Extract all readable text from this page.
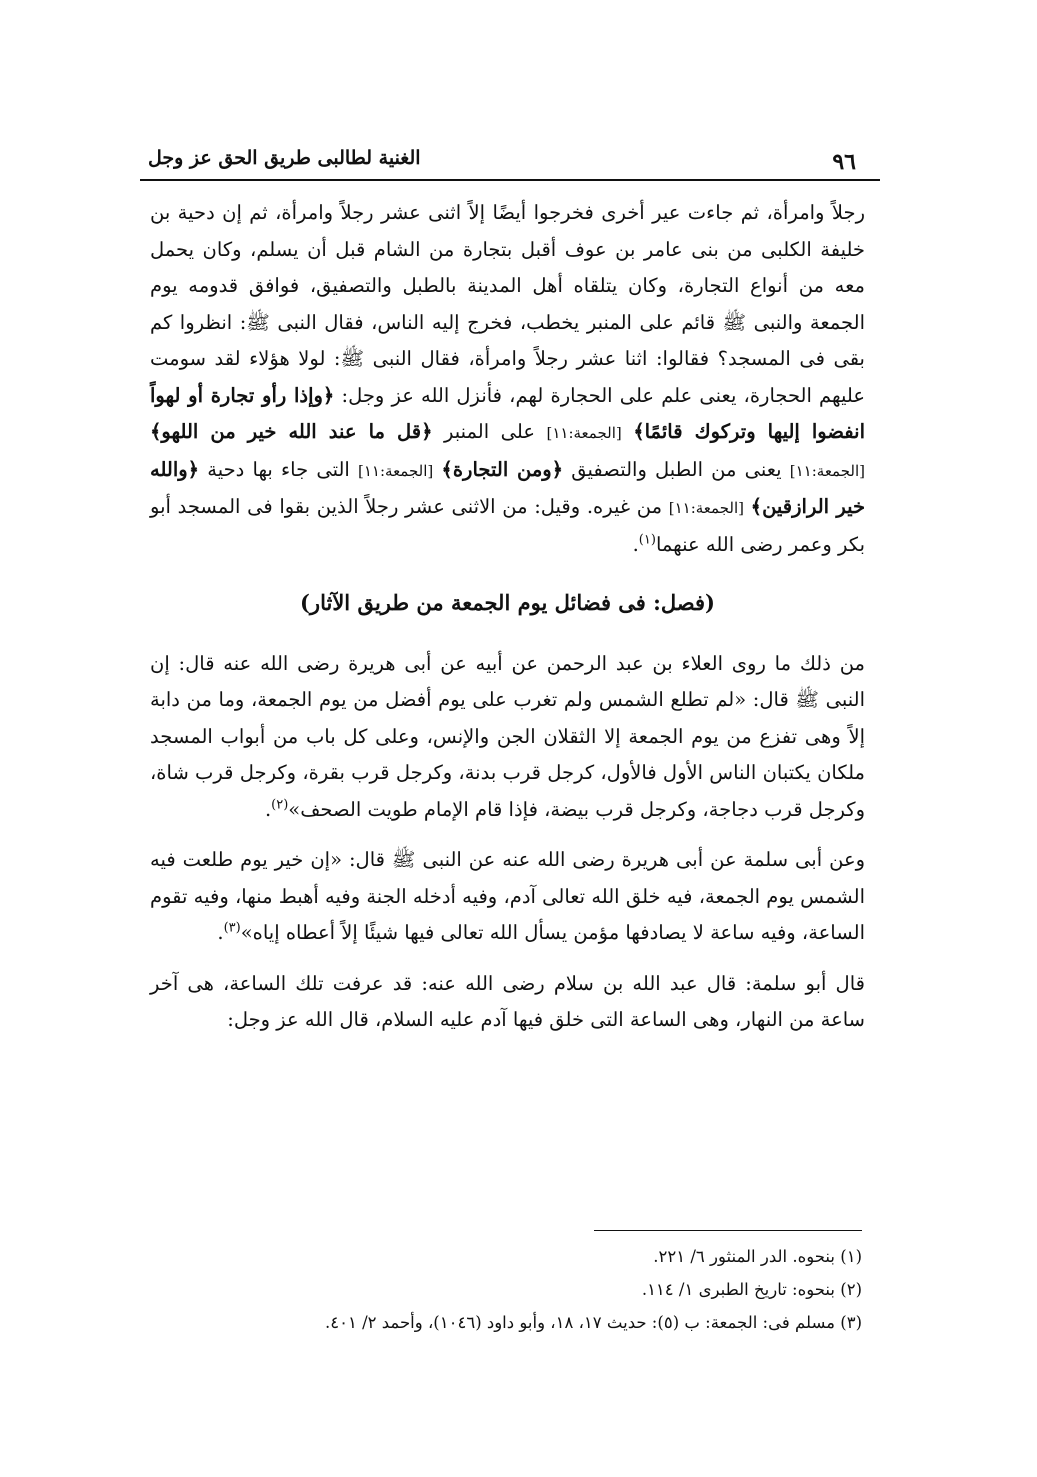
٩٦
الغنية لطالبى طريق الحق عز وجل

رجلاً وامرأة، ثم جاءت عير أخرى فخرجوا أيضًا إلاً اثنى عشر رجلاً وامرأة، ثم إن دحية بن خليفة الكلبى من بنى عامر بن عوف أقبل بتجارة من الشام قبل أن يسلم، وكان يحمل معه من أنواع التجارة، وكان يتلقاه أهل المدينة بالطبل والتصفيق، فوافق قدومه يوم الجمعة والنبى ﷺ قائم على المنبر يخطب، فخرج إليه الناس، فقال النبى ﷺ: انظروا كم بقى فى المسجد؟ فقالوا: اثنا عشر رجلاً وامرأة، فقال النبى ﷺ: لولا هؤلاء لقد سومت عليهم الحجارة، يعنى علم على الحجارة لهم، فأنزل الله عز وجل: ﴿وإذا رأو تجارة أو لهواً انفضوا إليها وتركوك قائمًا﴾ [الجمعة:١١] على المنبر ﴿قل ما عند الله خير من اللهو﴾ [الجمعة:١١] يعنى من الطبل والتصفيق ﴿ومن التجارة﴾ [الجمعة:١١] التى جاء بها دحية ﴿والله خير الرازقين﴾ [الجمعة:١١] من غيره. وقيل: من الاثنى عشر رجلاً الذين بقوا فى المسجد أبو بكر وعمر رضى الله عنهما$^{(١)}$.

(فصل: فى فضائل يوم الجمعة من طريق الآثار)

من ذلك ما روى العلاء بن عبد الرحمن عن أبيه عن أبى هريرة رضى الله عنه قال: إن النبى ﷺ قال: «لم تطلع الشمس ولم تغرب على يوم أفضل من يوم الجمعة، وما من دابة إلاً وهى تفزع من يوم الجمعة إلا الثقلان الجن والإنس، وعلى كل باب من أبواب المسجد ملكان يكتبان الناس الأول فالأول، كرجل قرب بدنة، وكرجل قرب بقرة، وكرجل قرب شاة، وكرجل قرب دجاجة، وكرجل قرب بيضة، فإذا قام الإمام طويت الصحف»$^{(٢)}$.

وعن أبى سلمة عن أبى هريرة رضى الله عنه عن النبى ﷺ قال: «إن خير يوم طلعت فيه الشمس يوم الجمعة، فيه خلق الله تعالى آدم، وفيه أدخله الجنة وفيه أهبط منها، وفيه تقوم الساعة، وفيه ساعة لا يصادفها مؤمن يسأل الله تعالى فيها شيئًا إلاً أعطاه إياه»$^{(٣)}$.

قال أبو سلمة: قال عبد الله بن سلام رضى الله عنه: قد عرفت تلك الساعة، هى آخر ساعة من النهار، وهى الساعة التى خلق فيها آدم عليه السلام، قال الله عز وجل:

(١) بنحوه. الدر المنثور ٦/ ٢٢١.
(٢) بنحوه: تاريخ الطبرى ١/ ١١٤.
(٣) مسلم فى: الجمعة: ب (٥): حديث ١٧، ١٨، وأبو داود (١٠٤٦)، وأحمد ٢/ ٤٠١.
